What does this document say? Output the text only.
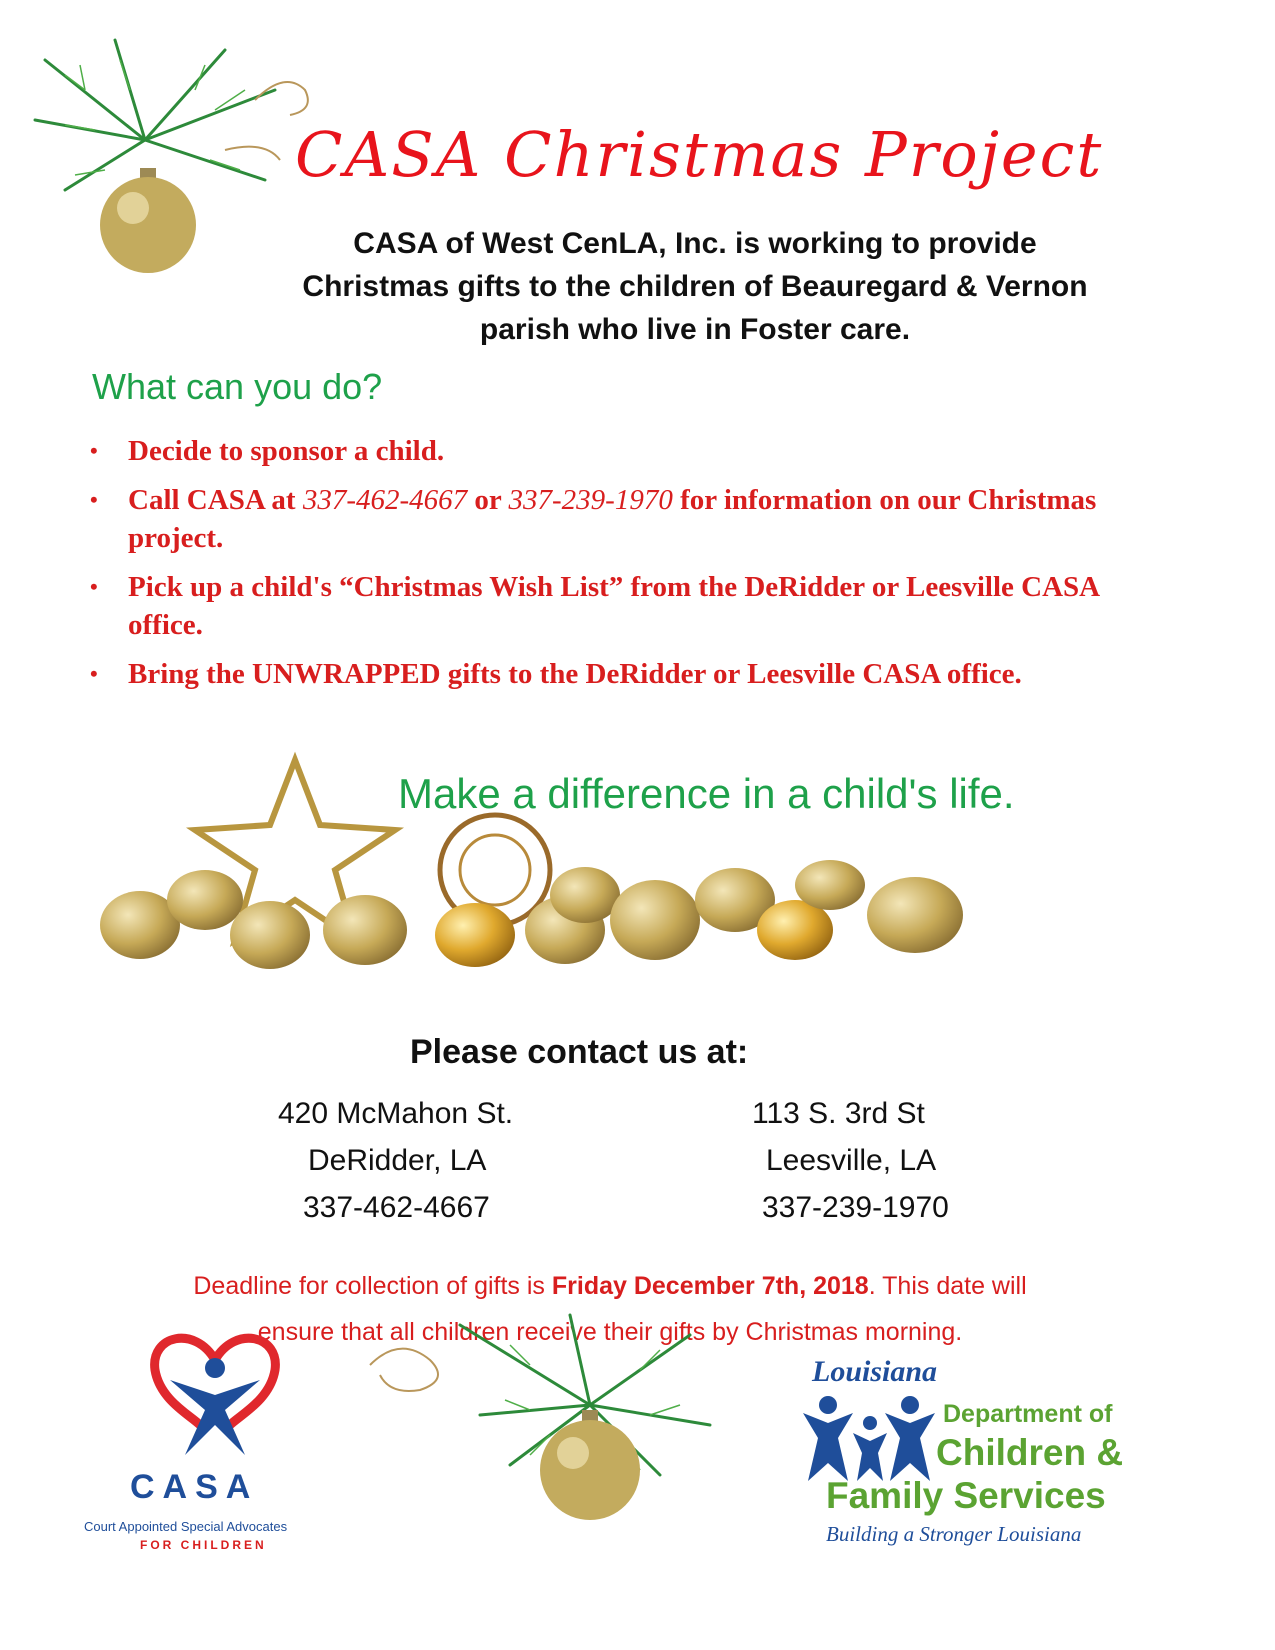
CASA Christmas Project
CASA of West CenLA, Inc. is working to provide
Christmas gifts to the children of Beauregard & Vernon
parish who live in Foster care.
What can you do?
• Decide to sponsor a child.
• Call CASA at 337-462-4667 or 337-239-1970 for information on our Christmas project.
• Pick up a child's “Christmas Wish List” from the DeRidder or Leesville CASA office.
• Bring the UNWRAPPED gifts to the DeRidder or Leesville CASA office.
Make a difference in a child's life.
Please contact us at:
420 McMahon St.
DeRidder, LA
337-462-4667
113 S. 3rd St
Leesville, LA
337-239-1970
Deadline for collection of gifts is Friday December 7th, 2018. This date will
ensure that all children receive their gifts by Christmas morning.
CASA
Court Appointed Special Advocates
FOR CHILDREN
Louisiana
Department of
Children &
Family Services
Building a Stronger Louisiana
